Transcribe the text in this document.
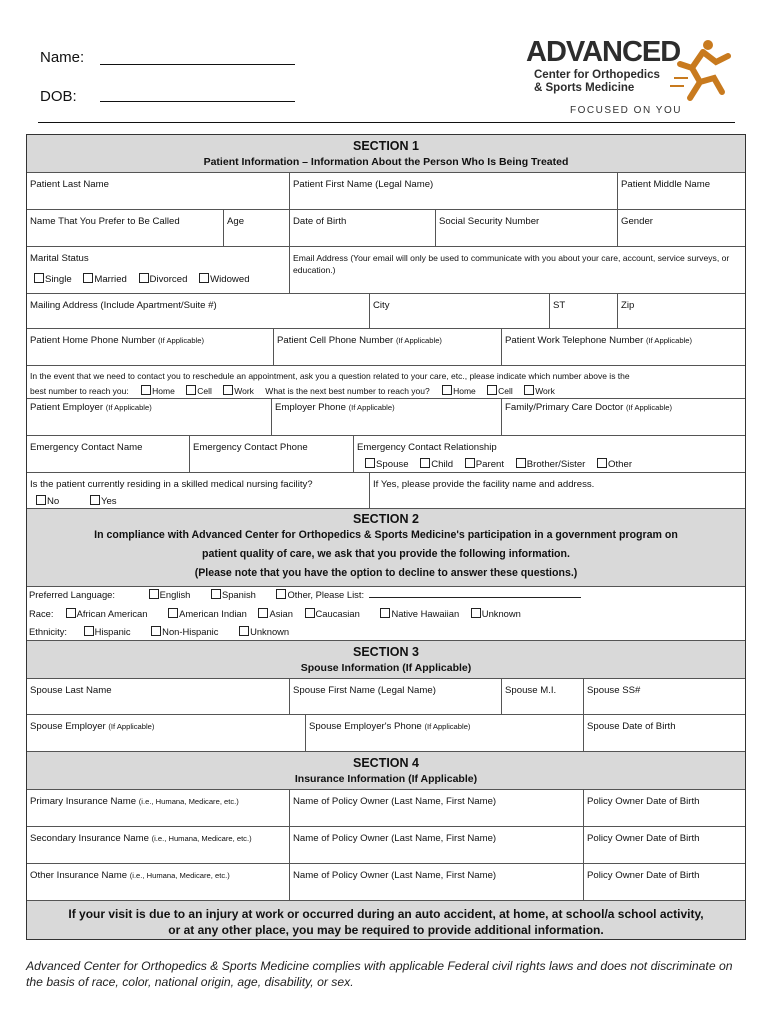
Name:
DOB:
ADVANCED
Center for Orthopedics
& Sports Medicine
FOCUSED ON YOU
SECTION 1
Patient Information – Information About the Person Who Is Being Treated
Patient Last Name	Patient First Name (Legal Name)	Patient Middle Name
Name That You Prefer to Be Called	Age	Date of Birth	Social Security Number	Gender
Marital Status
Single Married Divorced Widowed
Email Address (Your email will only be used to communicate with you about your care, account, service surveys, or education.)
Mailing Address (Include Apartment/Suite #)	City	ST	Zip
Patient Home Phone Number (If Applicable)	Patient Cell Phone Number (If Applicable)	Patient Work Telephone Number (If Applicable)
In the event that we need to contact you to reschedule an appointment, ask you a question related to your care, etc., please indicate which number above is the
best number to reach you:	Home	Cell	Work What is the next best number to reach you?	Home	Cell	Work
Patient Employer (If Applicable)	Employer Phone (If Applicable)	Family/Primary Care Doctor (If Applicable)
Emergency Contact Name	Emergency Contact Phone	Emergency Contact Relationship
Spouse Child Parent Brother/Sister Other
Is the patient currently residing in a skilled medical nursing facility?
No	Yes
If Yes, please provide the facility name and address.
SECTION 2
In compliance with Advanced Center for Orthopedics & Sports Medicine's participation in a government program on
patient quality of care, we ask that you provide the following information.
(Please note that you have the option to decline to answer these questions.)
Preferred Language:	English	Spanish	Other, Please List:
Race: African American	American Indian Asian Caucasian	Native Hawaiian Unknown
Ethnicity:	Hispanic	Non-Hispanic	Unknown
SECTION 3
Spouse Information (If Applicable)
Spouse Last Name	Spouse First Name (Legal Name)	Spouse M.I.	Spouse SS#
Spouse Employer (If Applicable)	Spouse Employer's Phone (If Applicable)	Spouse Date of Birth
SECTION 4
Insurance Information (If Applicable)
Primary Insurance Name (i.e., Humana, Medicare, etc.)	Name of Policy Owner (Last Name, First Name)	Policy Owner Date of Birth
Secondary Insurance Name (i.e., Humana, Medicare, etc.)	Name of Policy Owner (Last Name, First Name)	Policy Owner Date of Birth
Other Insurance Name (i.e., Humana, Medicare, etc.)	Name of Policy Owner (Last Name, First Name)	Policy Owner Date of Birth
If your visit is due to an injury at work or occurred during an auto accident, at home, at school/a school activity,
or at any other place, you may be required to provide additional information.
Advanced Center for Orthopedics & Sports Medicine complies with applicable Federal civil rights laws and does not discriminate on the basis of race, color, national origin, age, disability, or sex.
